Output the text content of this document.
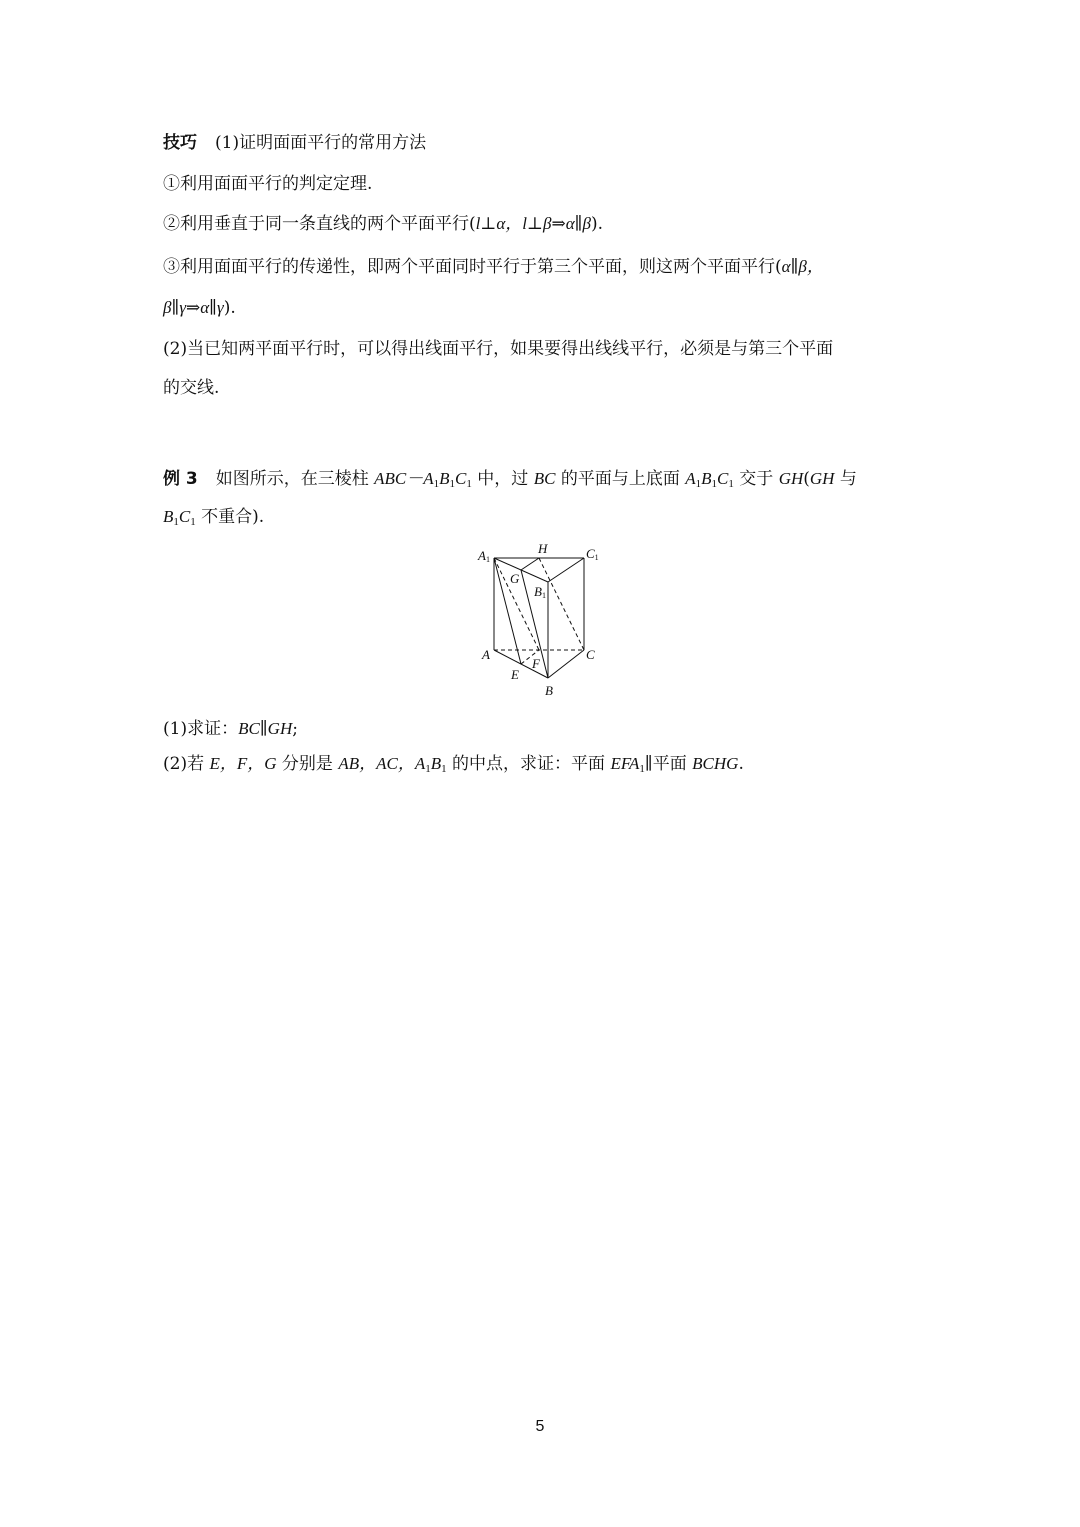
技巧 (1)证明面面平行的常用方法
①利用面面平行的判定定理.
②利用垂直于同一条直线的两个平面平行(l⊥α，l⊥β⇒α∥β).
③利用面面平行的传递性，即两个平面同时平行于第三个平面，则这两个平面平行(α∥β，
β∥γ⇒α∥γ).
(2)当已知两平面平行时，可以得出线面平行，如果要得出线线平行，必须是与第三个平面
的交线.
例 3 如图所示，在三棱柱 $ABC-A_1B_1C_1$ 中，过 BC 的平面与上底面 $A_1B_1C_1$ 交于 GH(GH 与
$B_1C_1$ 不重合).
A1
H	C1
G
B1
A
F
C
E
B
(1)求证：BC∥GH;
(2)若 E，F，G 分别是 AB，AC，$A_1B_1$ 的中点，求证：平面 $EFA_1\parallel$平面 BCHG.
5
